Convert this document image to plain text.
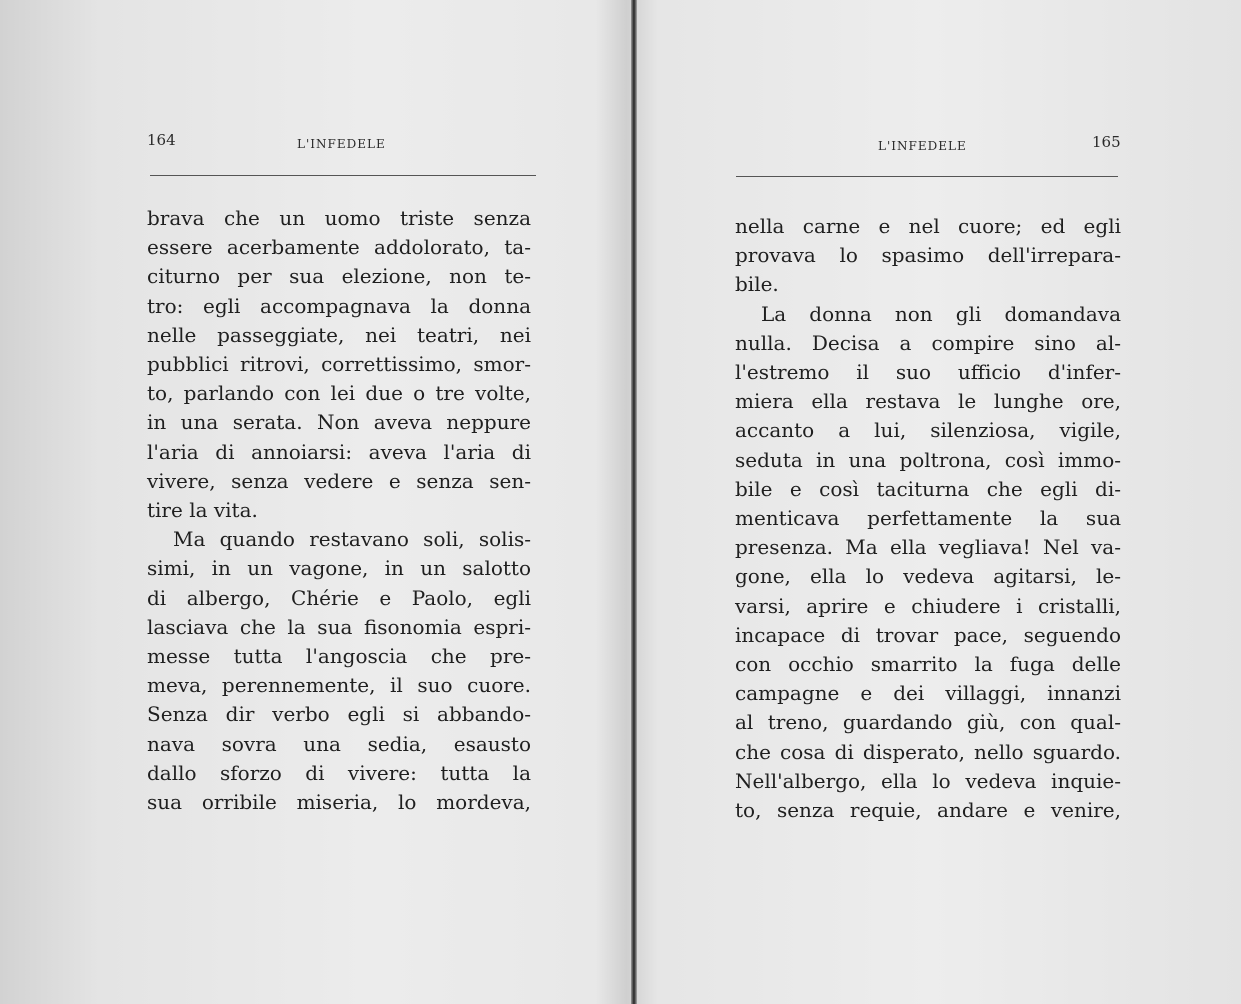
164	L'INFEDELE

brava che un uomo triste senza
essere acerbamente addolorato, ta-
citurno per sua elezione, non te-
tro: egli accompagnava la donna
nelle passeggiate, nei teatri, nei
pubblici ritrovi, correttissimo, smor-
to, parlando con lei due o tre volte,
in una serata. Non aveva neppure
l'aria di annoiarsi: aveva l'aria di
vivere, senza vedere e senza sen-
tire la vita.

Ma quando restavano soli, solis-
simi, in un vagone, in un salotto
di albergo, Chérie e Paolo, egli
lasciava che la sua fisonomia espri-
messe tutta l'angoscia che pre-
meva, perennemente, il suo cuore.
Senza dir verbo egli si abbando-
nava sovra una sedia, esausto
dallo sforzo di vivere: tutta la
sua orribile miseria, lo mordeva,

L'INFEDELE	165

nella carne e nel cuore; ed egli
provava lo spasimo dell'irrepara-
bile.

La donna non gli domandava
nulla. Decisa a compire sino al-
l'estremo il suo ufficio d'infer-
miera ella restava le lunghe ore,
accanto a lui, silenziosa, vigile,
seduta in una poltrona, così immo-
bile e così taciturna che egli di-
menticava perfettamente la sua
presenza. Ma ella vegliava! Nel va-
gone, ella lo vedeva agitarsi, le-
varsi, aprire e chiudere i cristalli,
incapace di trovar pace, seguendo
con occhio smarrito la fuga delle
campagne e dei villaggi, innanzi
al treno, guardando giù, con qual-
che cosa di disperato, nello sguardo.
Nell'albergo, ella lo vedeva inquie-
to, senza requie, andare e venire,
